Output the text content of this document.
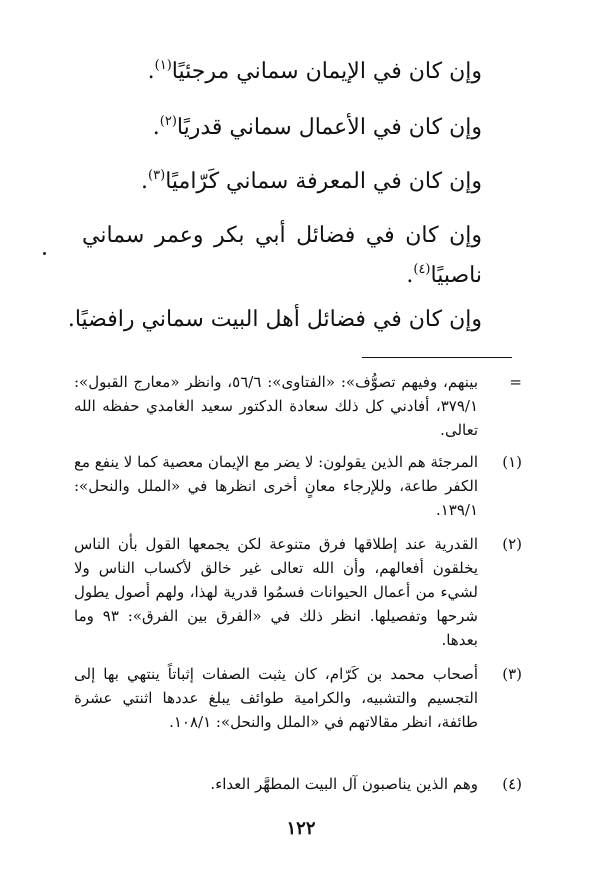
وإن كان في الإيمان سماني مرجئيًا$^{(١)}$.
وإن كان في الأعمال سماني قدريًا$^{(٢)}$.
وإن كان في المعرفة سماني كَرّاميًا$^{(٣)}$.
وإن كان في فضائل أبي بكر وعمر سماني ناصبيًا$^{(٤)}$.
وإن كان في فضائل أهل البيت سماني رافضيًا.
=
بينهم، وفيهم تصوُّف»: «الفتاوى»: ٥٦/٦، وانظر «معارج القبول»: ٣٧٩/١، أفادني كل ذلك سعادة الدكتور سعيد الغامدي حفظه الله تعالى.
(١)
المرجئة هم الذين يقولون: لا يضر مع الإيمان معصية كما لا ينفع مع الكفر طاعة، وللإرجاء معانٍ أخرى انظرها في «الملل والنحل»: ١٣٩/١.
(٢)
القدرية عند إطلاقها فرق متنوعة لكن يجمعها القول بأن الناس يخلقون أفعالهم، وأن الله تعالى غير خالق لأكساب الناس ولا لشيء من أعمال الحيوانات فسمُوا قدرية لهذا، ولهم أصول يطول شرحها وتفصيلها. انظر ذلك في «الفرق بين الفرق»: ٩٣ وما بعدها.
(٣)
أصحاب محمد بن كَرّام، كان يثبت الصفات إثباتاً ينتهي بها إلى التجسيم والتشبيه، والكرامية طوائف يبلغ عددها اثنتي عشرة طائفة، انظر مقالاتهم في «الملل والنحل»: ١٠٨/١.
(٤)
وهم الذين يناصبون آل البيت المطهَّر العداء.
١٢٢
